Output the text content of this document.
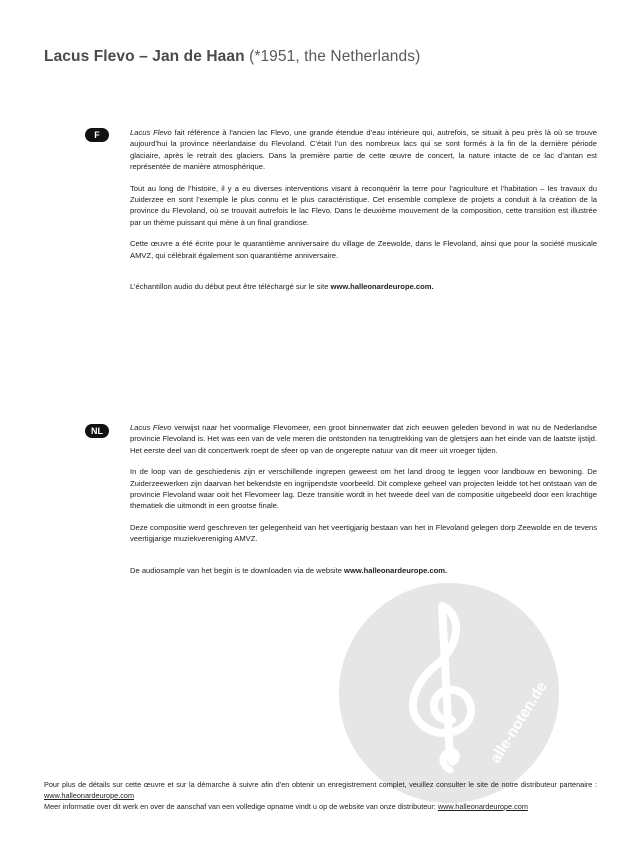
Lacus Flevo – Jan de Haan (*1951, the Netherlands)
F	Lacus Flevo fait référence à l’ancien lac Flevo, une grande étendue d’eau intérieure qui, autrefois, se situait à peu près là où se trouve aujourd’hui la province néerlandaise du Flevoland. C’était l’un des nombreux lacs qui se sont formés à la fin de la dernière période glaciaire, après le retrait des glaciers. Dans la première partie de cette œuvre de concert, la nature intacte de ce lac d’antan est représentée de manière atmosphérique.

Tout au long de l’histoire, il y a eu diverses interventions visant à reconquérir la terre pour l’agriculture et l’habitation – les travaux du Zuiderzee en sont l’exemple le plus connu et le plus caractéristique. Cet ensemble complexe de projets a conduit à la création de la province du Flevoland, où se trouvait autrefois le lac Flevo. Dans le deuxième mouvement de la composition, cette transition est illustrée par un thème puissant qui mène à un final grandiose.

Cette œuvre a été écrite pour le quarantième anniversaire du village de Zeewolde, dans le Flevoland, ainsi que pour la société musicale AMVZ, qui célébrait également son quarantième anniversaire.

L’échantillon audio du début peut être téléchargé sur le site www.halleonardeurope.com.

NL	Lacus Flevo verwijst naar het voormalige Flevomeer, een groot binnenwater dat zich eeuwen geleden bevond in wat nu de Nederlandse provincie Flevoland is. Het was een van de vele meren die ontstonden na terugtrekking van de gletsjers aan het einde van de laatste ijstijd. Het eerste deel van dit concertwerk roept de sfeer op van de ongerepte natuur van dit meer uit vroeger tijden.

In de loop van de geschiedenis zijn er verschillende ingrepen geweest om het land droog te leggen voor landbouw en bewoning. De Zuiderzeewerken zijn daarvan het bekendste en ingrijpendste voorbeeld. Dit complexe geheel van projecten leidde tot het ontstaan van de provincie Flevoland waar ooit het Flevomeer lag. Deze transitie wordt in het tweede deel van de compositie uitgebeeld door een krachtige thematiek die uitmondt in een grootse finale.

Deze compositie werd geschreven ter gelegenheid van het veertigjarig bestaan van het in Flevoland gelegen dorp Zeewolde en de tevens veertigjarige muziekvereniging AMVZ.

De audiosample van het begin is te downloaden via de website www.halleonardeurope.com.

alle-noten.de

Pour plus de détails sur cette œuvre et sur la démarche à suivre afin d’en obtenir un enregistrement complet, veuillez consulter le site de notre distributeur partenaire : www.halleonardeurope.com

Meer informatie over dit werk en over de aanschaf van een volledige opname vindt u op de website van onze distributeur: www.halleonardeurope.com
